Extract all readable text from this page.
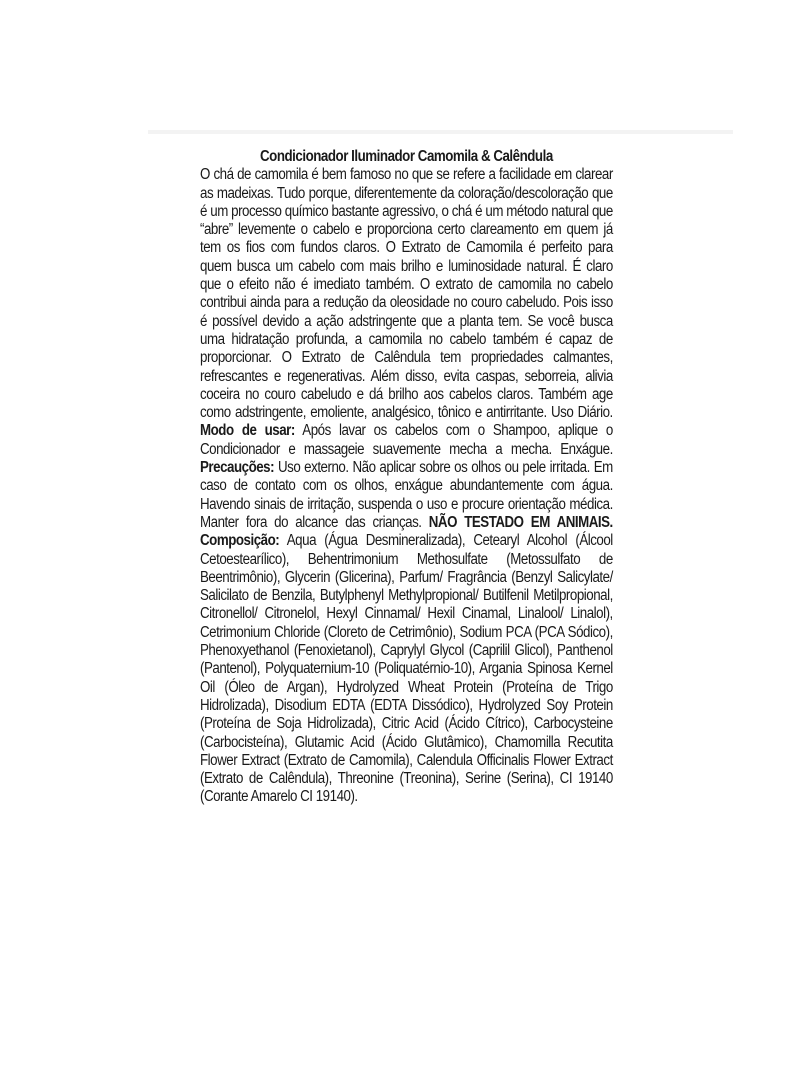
Condicionador Iluminador Camomila & Calêndula

O chá de camomila é bem famoso no que se refere a facilidade em clarear as madeixas. Tudo porque, diferentemente da coloração/descoloração que é um processo químico bastante agressivo, o chá é um método natural que “abre” levemente o cabelo e proporciona certo clareamento em quem já tem os fios com fundos claros. O Extrato de Camomila é perfeito para quem busca um cabelo com mais brilho e luminosidade natural. É claro que o efeito não é imediato também. O extrato de camomila no cabelo contribui ainda para a redução da oleosidade no couro cabeludo. Pois isso é possível devido a ação adstringente que a planta tem. Se você busca uma hidratação profunda, a camomila no cabelo também é capaz de proporcionar. O Extrato de Calêndula tem propriedades calmantes, refrescantes e regenerativas. Além disso, evita caspas, seborreia, alivia coceira no couro cabeludo e dá brilho aos cabelos claros. Também age como adstringente, emoliente, analgésico, tônico e antirritante. Uso Diário. Modo de usar: Após lavar os cabelos com o Shampoo, aplique o Condicionador e massageie suavemente mecha a mecha. Enxágue. Precauções: Uso externo. Não aplicar sobre os olhos ou pele irritada. Em caso de contato com os olhos, enxágue abundantemente com água. Havendo sinais de irritação, suspenda o uso e procure orientação médica. Manter fora do alcance das crianças. NÃO TESTADO EM ANIMAIS. Composição: Aqua (Água Desmineralizada), Cetearyl Alcohol (Álcool Cetoestearílico), Behentrimonium Methosulfate (Metossulfato de Beentrimônio), Glycerin (Glicerina), Parfum/ Fragrância (Benzyl Salicylate/ Salicilato de Benzila, Butylphenyl Methylpropional/ Butilfenil Metilpropional, Citronellol/ Citronelol, Hexyl Cinnamal/ Hexil Cinamal, Linalool/ Linalol), Cetrimonium Chloride (Cloreto de Cetrimônio), Sodium PCA (PCA Sódico), Phenoxyethanol (Fenoxietanol), Caprylyl Glycol (Caprilil Glicol), Panthenol (Pantenol), Polyquaternium-10 (Poliquatérnio-10), Argania Spinosa Kernel Oil (Óleo de Argan), Hydrolyzed Wheat Protein (Proteína de Trigo Hidrolizada), Disodium EDTA (EDTA Dissódico), Hydrolyzed Soy Protein (Proteína de Soja Hidrolizada), Citric Acid (Ácido Cítrico), Carbocysteine (Carbocisteína), Glutamic Acid (Ácido Glutâmico), Chamomilla Recutita Flower Extract (Extrato de Camomila), Calendula Officinalis Flower Extract (Extrato de Calêndula), Threonine (Treonina), Serine (Serina), CI 19140 (Corante Amarelo CI 19140).
